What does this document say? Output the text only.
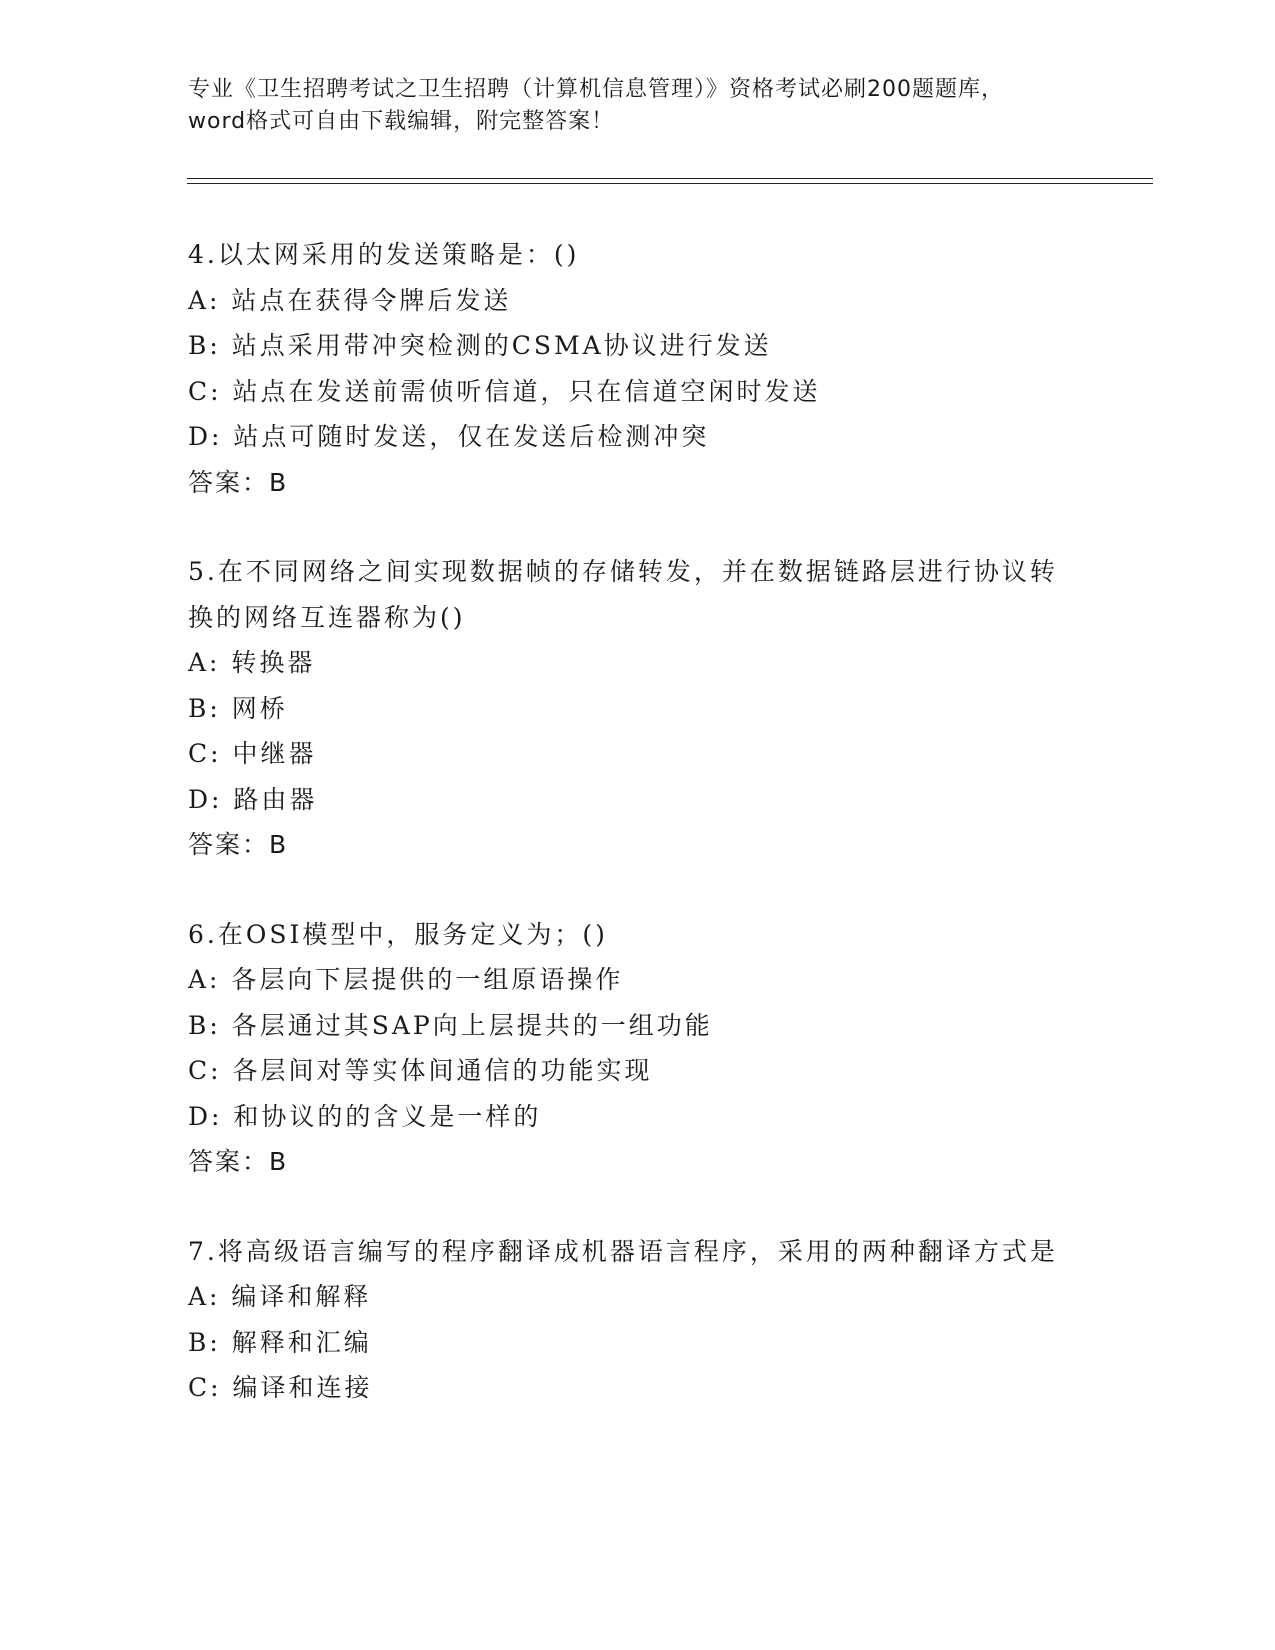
专业《卫生招聘考试之卫生招聘（计算机信息管理）》资格考试必刷200题题库，
word格式可自由下载编辑，附完整答案！

4.以太网采用的发送策略是：()

A: 站点在获得令牌后发送

B: 站点采用带冲突检测的CSMA协议进行发送

C: 站点在发送前需侦听信道，只在信道空闲时发送

D: 站点可随时发送，仅在发送后检测冲突

答案：B

5.在不同网络之间实现数据帧的存储转发，并在数据链路层进行协议转换的网络互连器称为()

A: 转换器

B: 网桥

C: 中继器

D: 路由器

答案：B

6.在OSI模型中，服务定义为；()

A: 各层向下层提供的一组原语操作

B: 各层通过其SAP向上层提共的一组功能

C: 各层间对等实体间通信的功能实现

D: 和协议的的含义是一样的

答案：B

7.将高级语言编写的程序翻译成机器语言程序，采用的两种翻译方式是

A: 编译和解释

B: 解释和汇编

C: 编译和连接
